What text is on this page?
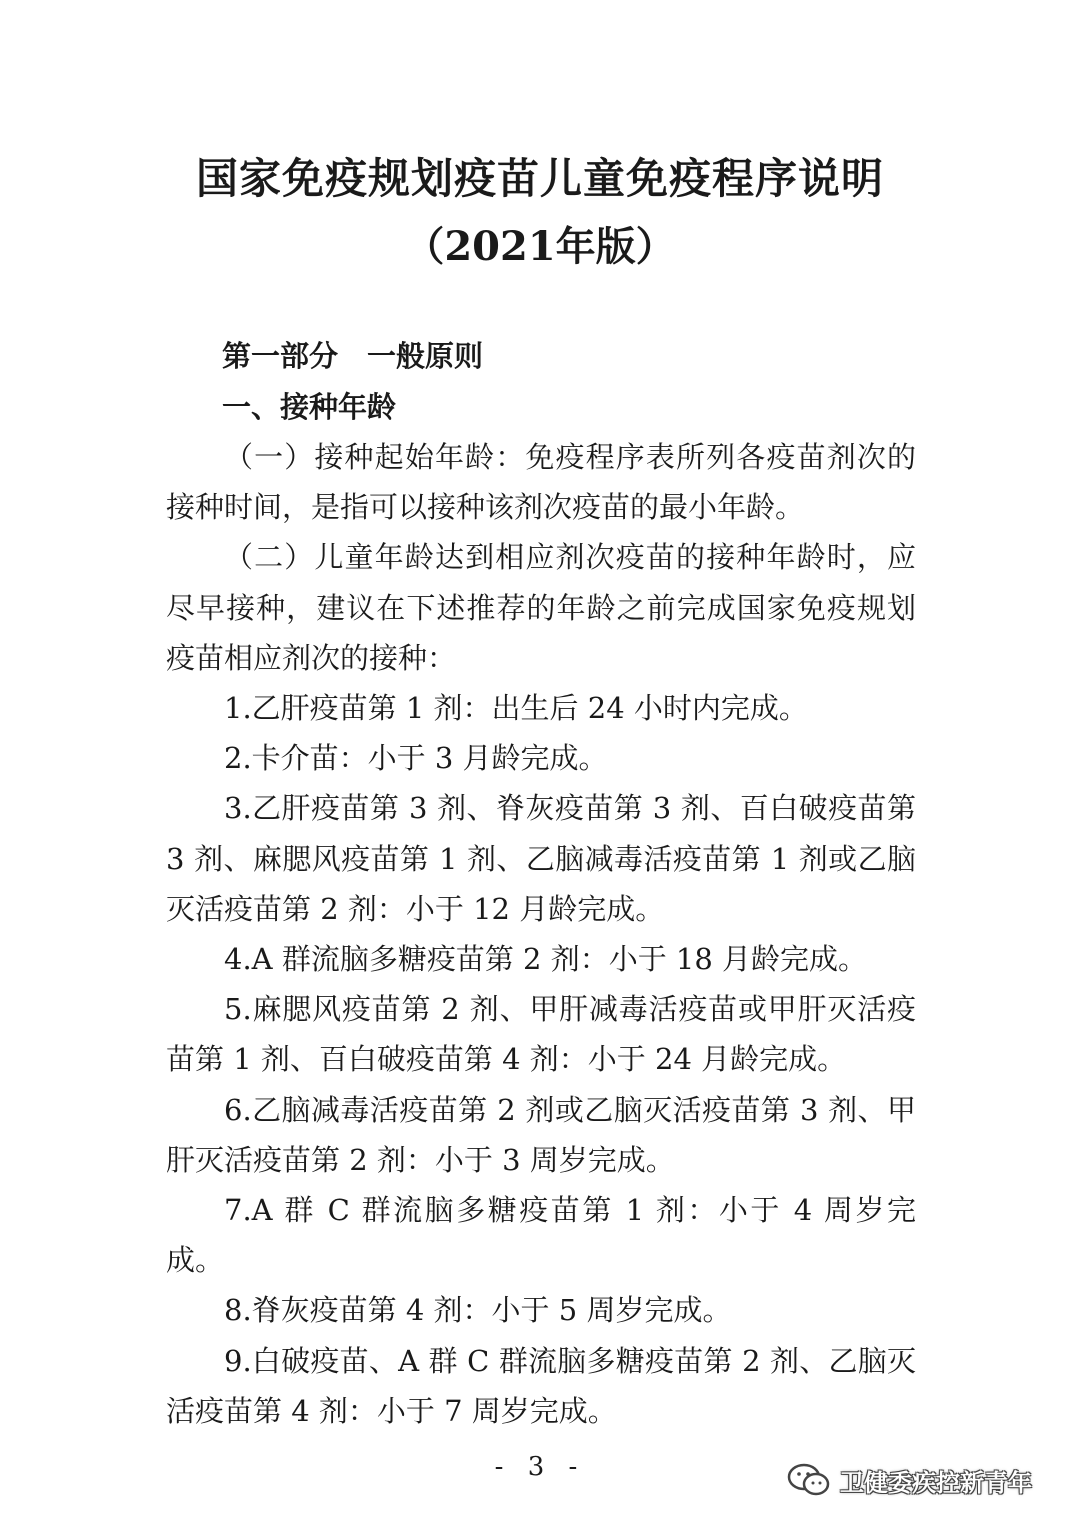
国家免疫规划疫苗儿童免疫程序说明
（2021年版）
第一部分　一般原则
一、接种年龄

（一）接种起始年龄：免疫程序表所列各疫苗剂次的接种时间，是指可以接种该剂次疫苗的最小年龄。

（二）儿童年龄达到相应剂次疫苗的接种年龄时，应尽早接种，建议在下述推荐的年龄之前完成国家免疫规划疫苗相应剂次的接种：

1.乙肝疫苗第 1 剂：出生后 24 小时内完成。

2.卡介苗：小于 3 月龄完成。

3.乙肝疫苗第 3 剂、脊灰疫苗第 3 剂、百白破疫苗第 3 剂、麻腮风疫苗第 1 剂、乙脑减毒活疫苗第 1 剂或乙脑灭活疫苗第 2 剂：小于 12 月龄完成。

4.A 群流脑多糖疫苗第 2 剂：小于 18 月龄完成。

5.麻腮风疫苗第 2 剂、甲肝减毒活疫苗或甲肝灭活疫苗第 1 剂、百白破疫苗第 4 剂：小于 24 月龄完成。

6.乙脑减毒活疫苗第 2 剂或乙脑灭活疫苗第 3 剂、甲肝灭活疫苗第 2 剂：小于 3 周岁完成。

7.A 群 C 群流脑多糖疫苗第 1 剂：小于 4 周岁完成。

8.脊灰疫苗第 4 剂：小于 5 周岁完成。

9.白破疫苗、A 群 C 群流脑多糖疫苗第 2 剂、乙脑灭活疫苗第 4 剂：小于 7 周岁完成。

- 3 -
卫健委疾控新青年
